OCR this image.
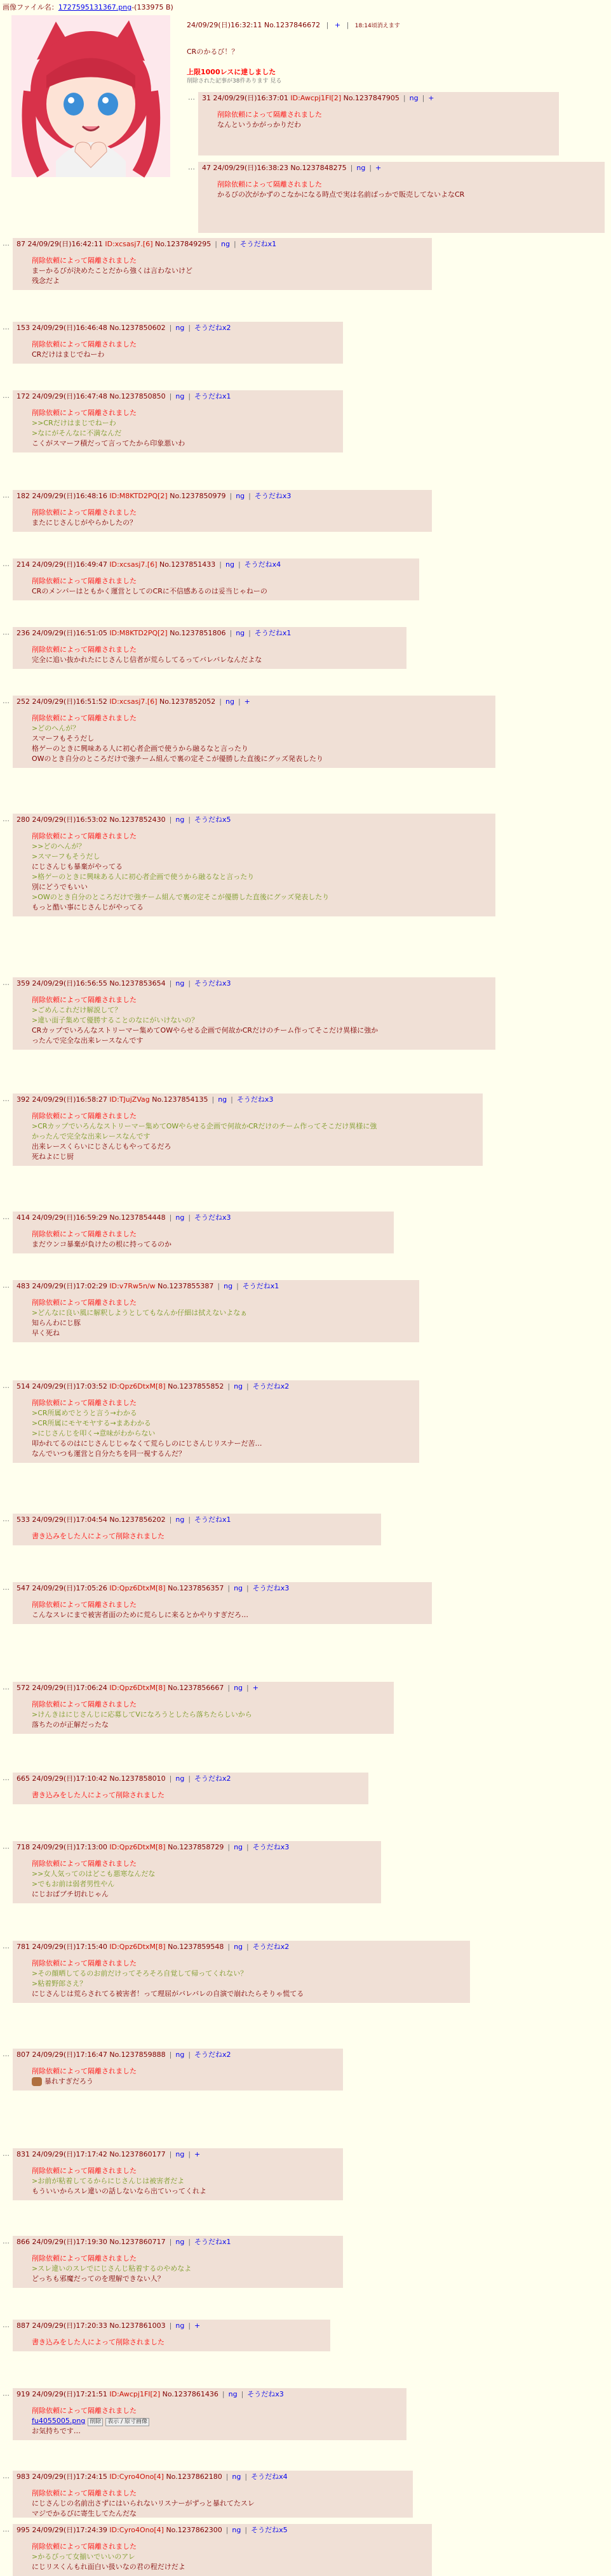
画像ファイル名：1727595131367.png-(133975 B)
24/09/29(日)16:32:11 No.1237846672 | + | 18:14頃消えます
CRのかるび！？
上限1000レスに達しました
削除された記事が38件あります 見る
… 31 24/09/29(日)16:37:01 ID:Awcpj1FI[2] No.1237847905 | ng | +
削除依頼によって隔離されました
なんというかがっかりだわ
… 47 24/09/29(日)16:38:23 No.1237848275 | ng | +
削除依頼によって隔離されました
かるびの次がかずのこなかになる時点で実は名前ばっかで販売してないよなCR
… 87 24/09/29(日)16:42:11 ID:xcsasj7.[6] No.1237849295 | ng | そうだねx1
削除依頼によって隔離されました
まーかるびが決めたことだから強くは言わないけど
残念だよ
… 153 24/09/29(日)16:46:48 No.1237850602 | ng | そうだねx2
削除依頼によって隔離されました
CRだけはまじでねーわ
… 172 24/09/29(日)16:47:48 No.1237850850 | ng | そうだねx1
削除依頼によって隔離されました
>>CRだけはまじでねーわ
>なにがそんなに不満なんだ
こくがスマーフ積だって言ってたから印象悪いわ
… 182 24/09/29(日)16:48:16 ID:M8KTD2PQ[2] No.1237850979 | ng | そうだねx3
削除依頼によって隔離されました
またにじさんじがやらかしたの？
… 214 24/09/29(日)16:49:47 ID:xcsasj7.[6] No.1237851433 | ng | そうだねx4
削除依頼によって隔離されました
CRのメンバーはともかく運営としてのCRに不信感あるのは妥当じゃねーの
… 236 24/09/29(日)16:51:05 ID:M8KTD2PQ[2] No.1237851806 | ng | そうだねx1
削除依頼によって隔離されました
完全に追い抜かれたにじさんじ信者が荒らしてるってバレバレなんだよな
… 252 24/09/29(日)16:51:52 ID:xcsasj7.[6] No.1237852052 | ng | +
削除依頼によって隔離されました
>どのへんが？
スマーフもそうだし
格ゲーのときに興味ある人に初心者企画で使うから融るなと言ったり
OWのとき自分のところだけで強チーム組んで裏の定そこが優勝した直後にグッズ発表したり
… 280 24/09/29(日)16:53:02 No.1237852430 | ng | そうだねx5
削除依頼によって隔離されました
>>どのへんが？
>スマーフもそうだし
にじさんじも暴棄がやってる
>格ゲーのときに興味ある人に初心者企画で使うから融るなと言ったり
別にどうでもいい
>OWのとき自分のところだけで強チーム組んで裏の定そこが優勝した直後にグッズ発表したり
もっと酷い事にじさんじがやってる
… 359 24/09/29(日)16:56:55 No.1237853654 | ng | そうだねx3
削除依頼によって隔離されました
>ごめんこれだけ解説して？
>違い面子集めて優勝することのなにがいけないの？
CRカップでいろんなストリーマー集めてOWやらせる企画で何故かCRだけのチーム作ってそこだけ異様に強か
ったんで完全な出来レースなんです
… 392 24/09/29(日)16:58:27 ID:TJujZVag No.1237854135 | ng | そうだねx3
削除依頼によって隔離されました
>CRカップでいろんなストリーマー集めてOWやらせる企画で何故かCRだけのチーム作ってそこだけ異様に強
かったんで完全な出来レースなんです
出来レースくらいにじさんじもやってるだろ
死ねよにじ厨
… 414 24/09/29(日)16:59:29 No.1237854448 | ng | そうだねx3
削除依頼によって隔離されました
まだウンコ暴棄が負けたの根に持ってるのか
… 483 24/09/29(日)17:02:29 ID:v7Rw5n/w No.1237855387 | ng | そうだねx1
削除依頼によって隔離されました
>どんなに良い風に解釈しようとしてもなんか仔細は拭えないよなぁ
知らんわにじ豚
早く死ね
… 514 24/09/29(日)17:03:52 ID:Qpz6DtxM[8] No.1237855852 | ng | そうだねx2
削除依頼によって隔離されました
>CR所属めでとうと言う→わかる
>CR所属にモヤモヤする→まあわかる
>にじさんじを叩く→意味がわからない
叩かれてるのはにじさんじじゃなくて荒らしのにじさんじリスナーだ苦…
なんでいつも運営と自分たちを同一視するんだ？
… 533 24/09/29(日)17:04:54 No.1237856202 | ng | そうだねx1
書き込みをした人によって削除されました
… 547 24/09/29(日)17:05:26 ID:Qpz6DtxM[8] No.1237856357 | ng | そうだねx3
削除依頼によって隔離されました
こんなスレにまで被害者面のために荒らしに来るとかやりすぎだろ…
… 572 24/09/29(日)17:06:24 ID:Qpz6DtxM[8] No.1237856667 | ng | +
削除依頼によって隔離されました
>けんきはにじさんじに応募してVになろうとしたら落ちたらしいから
落ちたのが正解だったな
… 665 24/09/29(日)17:10:42 No.1237858010 | ng | そうだねx2
書き込みをした人によって削除されました
… 718 24/09/29(日)17:13:00 ID:Qpz6DtxM[8] No.1237858729 | ng | そうだねx3
削除依頼によって隔離されました
>>女人気ってのはどこも悪寒なんだな
>でもお前は弱者男性やん
にじおばブチ切れじゃん
… 781 24/09/29(日)17:15:40 ID:Qpz6DtxM[8] No.1237859548 | ng | そうだねx2
削除依頼によって隔離されました
>その顔晒してるのお前だけってそろそろ自覚して帰ってくれない？
>粘着野郎さえ？
にじさんじは荒らされてる被害者！って理屈がバレバレの自演で崩れたらそりゃ慌てる
… 807 24/09/29(日)17:16:47 No.1237859888 | ng | そうだねx2
削除依頼によって隔離されました
暴れすぎだろう
… 831 24/09/29(日)17:17:42 No.1237860177 | ng | +
削除依頼によって隔離されました
>お前が粘着してるからにじさんじは被害者だよ
もういいからスレ違いの話しないなら出ていってくれよ
… 866 24/09/29(日)17:19:30 No.1237860717 | ng | そうだねx1
削除依頼によって隔離されました
>スレ違いのスレでにじさんじ粘着するのやめなよ
どっちも邪魔だってのを理解できない人？
… 887 24/09/29(日)17:20:33 No.1237861003 | ng | +
書き込みをした人によって削除されました
… 919 24/09/29(日)17:21:51 ID:Awcpj1FI[2] No.1237861436 | ng | そうだねx3
削除依頼によって隔離されました
fu4055005.png 削除 表示 / 原寸画像
お気持ちです…
… 983 24/09/29(日)17:24:15 ID:Cyro4Ono[4] No.1237862180 | ng | そうだねx4
削除依頼によって隔離されました
にじさんじの名前出さずにはいられないリスナーがずっと暴れてたスレ
マジでかるびに寄生してたんだな
… 995 24/09/29(日)17:24:39 ID:Cyro4Ono[4] No.1237862300 | ng | そうだねx5
削除依頼によって隔離されました
>かるびって女揃いでいいのアレ
にじリスくんもれ面白い扱いなの君の程だけだよ
